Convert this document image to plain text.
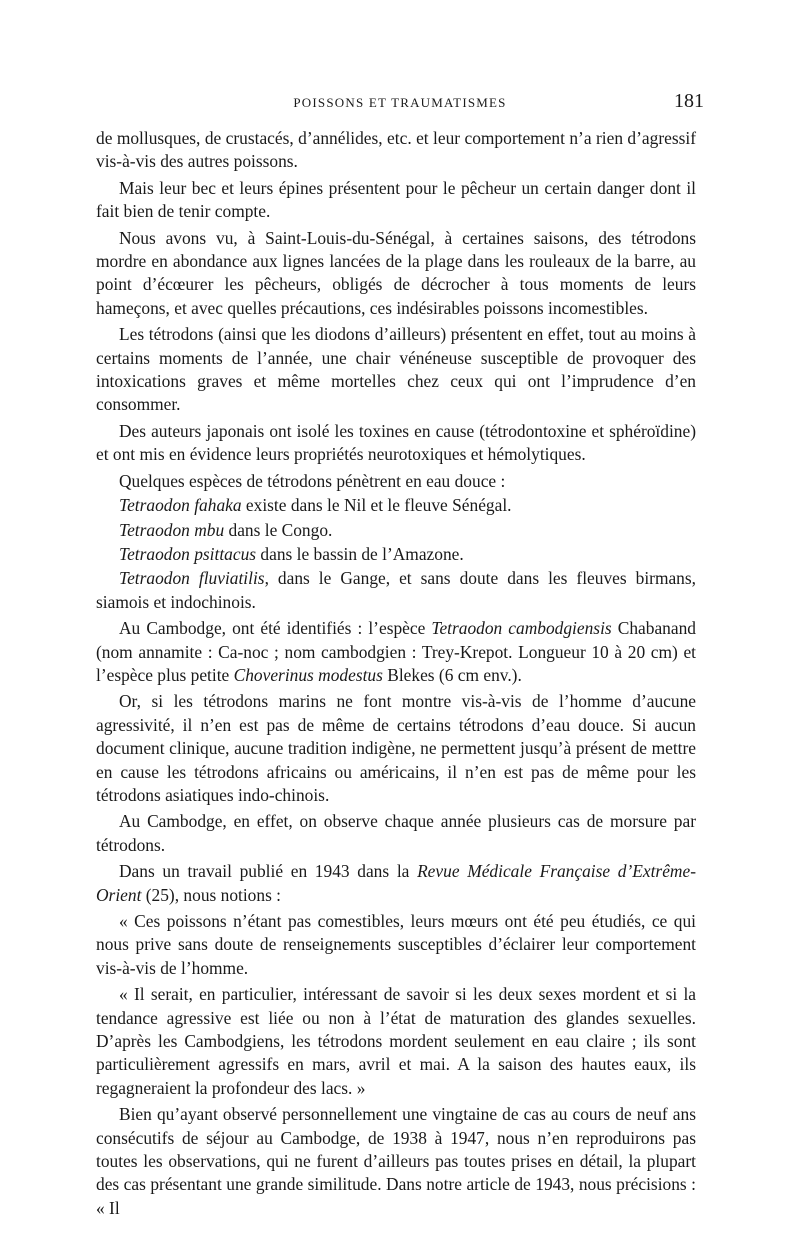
POISSONS ET TRAUMATISMES	181

de mollusques, de crustacés, d’annélides, etc. et leur comportement n’a rien d’agressif vis-à-vis des autres poissons.

Mais leur bec et leurs épines présentent pour le pêcheur un certain danger dont il fait bien de tenir compte.

Nous avons vu, à Saint-Louis-du-Sénégal, à certaines saisons, des tétrodons mordre en abondance aux lignes lancées de la plage dans les rouleaux de la barre, au point d’écœurer les pêcheurs, obligés de décrocher à tous moments de leurs hameçons, et avec quelles précautions, ces indésirables poissons incomestibles.

Les tétrodons (ainsi que les diodons d’ailleurs) présentent en effet, tout au moins à certains moments de l’année, une chair vénéneuse susceptible de provoquer des intoxications graves et même mortelles chez ceux qui ont l’imprudence d’en consommer.

Des auteurs japonais ont isolé les toxines en cause (tétrodontoxine et sphéroïdine) et ont mis en évidence leurs propriétés neurotoxiques et hémolytiques.

Quelques espèces de tétrodons pénètrent en eau douce :

Tetraodon fahaka existe dans le Nil et le fleuve Sénégal.

Tetraodon mbu dans le Congo.

Tetraodon psittacus dans le bassin de l’Amazone.

Tetraodon fluviatilis, dans le Gange, et sans doute dans les fleuves birmans, siamois et indochinois.

Au Cambodge, ont été identifiés : l’espèce Tetraodon cambodgiensis Chabanand (nom annamite : Ca-noc ; nom cambodgien : Trey-Krepot. Longueur 10 à 20 cm) et l’espèce plus petite Choverinus modestus Blekes (6 cm env.).

Or, si les tétrodons marins ne font montre vis-à-vis de l’homme d’aucune agressivité, il n’en est pas de même de certains tétrodons d’eau douce. Si aucun document clinique, aucune tradition indigène, ne permettent jusqu’à présent de mettre en cause les tétrodons africains ou américains, il n’en est pas de même pour les tétrodons asiatiques indo-chinois.

Au Cambodge, en effet, on observe chaque année plusieurs cas de morsure par tétrodons.

Dans un travail publié en 1943 dans la Revue Médicale Française d’Extrême-Orient (25), nous notions :

« Ces poissons n’étant pas comestibles, leurs mœurs ont été peu étudiés, ce qui nous prive sans doute de renseignements susceptibles d’éclairer leur comportement vis-à-vis de l’homme.

« Il serait, en particulier, intéressant de savoir si les deux sexes mordent et si la tendance agressive est liée ou non à l’état de maturation des glandes sexuelles. D’après les Cambodgiens, les tétrodons mordent seulement en eau claire ; ils sont particulièrement agressifs en mars, avril et mai. A la saison des hautes eaux, ils regagneraient la profondeur des lacs. »

Bien qu’ayant observé personnellement une vingtaine de cas au cours de neuf ans consécutifs de séjour au Cambodge, de 1938 à 1947, nous n’en reproduirons pas toutes les observations, qui ne furent d’ailleurs pas toutes prises en détail, la plupart des cas présentant une grande similitude. Dans notre article de 1943, nous précisions : « Il
